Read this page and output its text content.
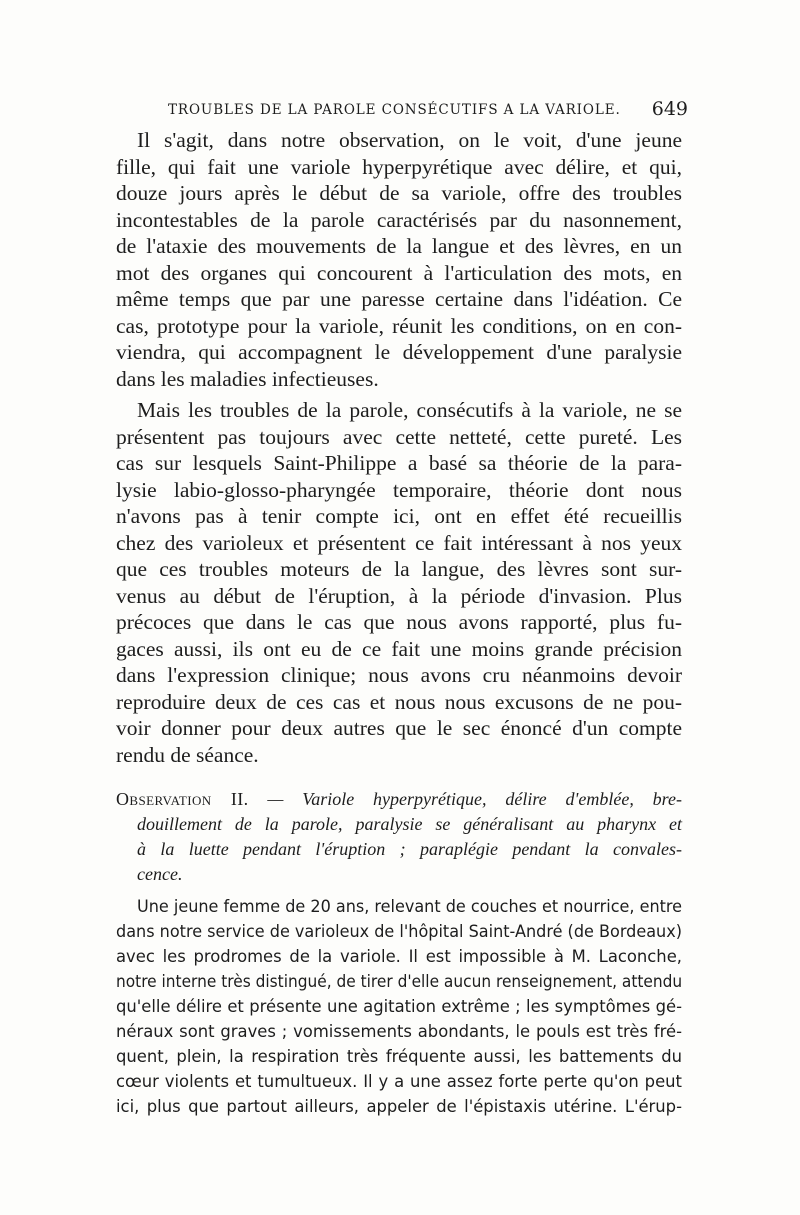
TROUBLES DE LA PAROLE CONSÉCUTIFS A LA VARIOLE. 649
Il s'agit, dans notre observation, on le voit, d'une jeune
fille, qui fait une variole hyperpyrétique avec délire, et qui,
douze jours après le début de sa variole, offre des troubles
incontestables de la parole caractérisés par du nasonnement,
de l'ataxie des mouvements de la langue et des lèvres, en un
mot des organes qui concourent à l'articulation des mots, en
même temps que par une paresse certaine dans l'idéation. Ce
cas, prototype pour la variole, réunit les conditions, on en con-
viendra, qui accompagnent le développement d'une paralysie
dans les maladies infectieuses.
Mais les troubles de la parole, consécutifs à la variole, ne se
présentent pas toujours avec cette netteté, cette pureté. Les
cas sur lesquels Saint-Philippe a basé sa théorie de la para-
lysie labio-glosso-pharyngée temporaire, théorie dont nous
n'avons pas à tenir compte ici, ont en effet été recueillis
chez des varioleux et présentent ce fait intéressant à nos yeux
que ces troubles moteurs de la langue, des lèvres sont sur-
venus au début de l'éruption, à la période d'invasion. Plus
précoces que dans le cas que nous avons rapporté, plus fu-
gaces aussi, ils ont eu de ce fait une moins grande précision
dans l'expression clinique; nous avons cru néanmoins devoir
reproduire deux de ces cas et nous nous excusons de ne pou-
voir donner pour deux autres que le sec énoncé d'un compte
rendu de séance.
Observation II. — Variole hyperpyrétique, délire d'emblée, bre-
douillement de la parole, paralysie se généralisant au pharynx et
à la luette pendant l'éruption ; paraplégie pendant la convales-
cence.
Une jeune femme de 20 ans, relevant de couches et nourrice, entre
dans notre service de varioleux de l'hôpital Saint-André (de Bordeaux)
avec les prodromes de la variole. Il est impossible à M. Laconche,
notre interne très distingué, de tirer d'elle aucun renseignement, attendu
qu'elle délire et présente une agitation extrême ; les symptômes gé-
néraux sont graves ; vomissements abondants, le pouls est très fré-
quent, plein, la respiration très fréquente aussi, les battements du
cœur violents et tumultueux. Il y a une assez forte perte qu'on peut
ici, plus que partout ailleurs, appeler de l'épistaxis utérine. L'érup-
